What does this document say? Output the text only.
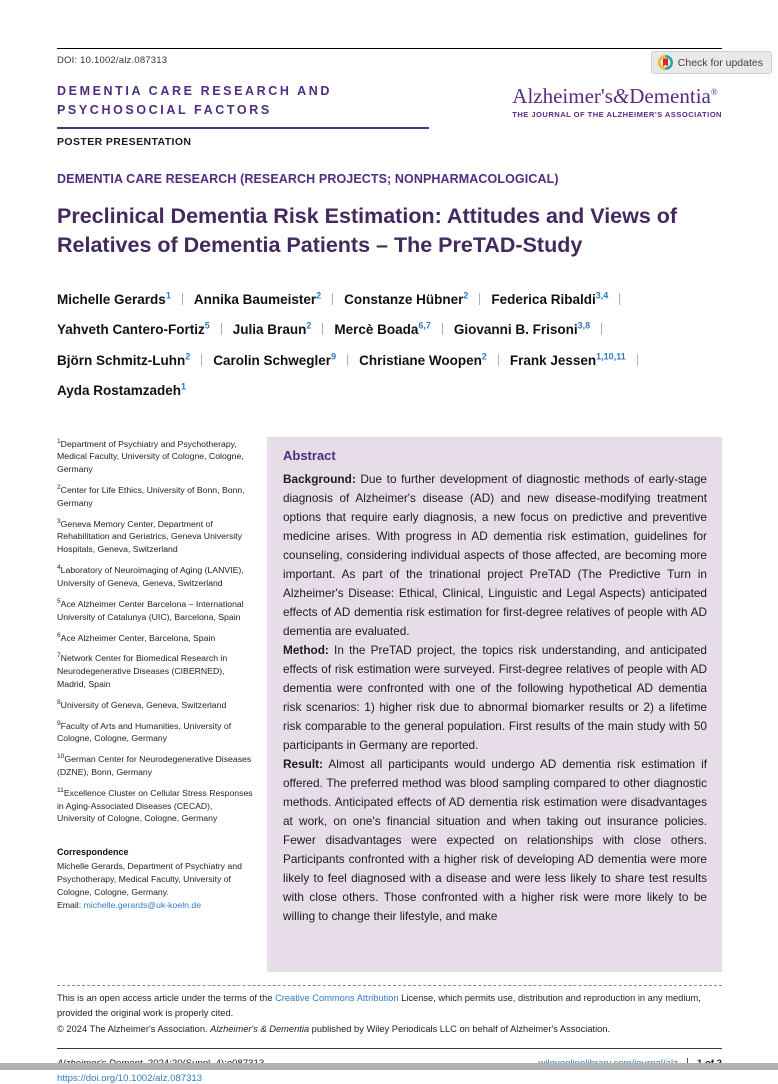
Check for updates
DOI: 10.1002/alz.087313
DEMENTIA CARE RESEARCH AND PSYCHOSOCIAL FACTORS
POSTER PRESENTATION
Alzheimer's&Dementia®
THE JOURNAL OF THE ALZHEIMER'S ASSOCIATION
DEMENTIA CARE RESEARCH (RESEARCH PROJECTS; NONPHARMACOLOGICAL)
Preclinical Dementia Risk Estimation: Attitudes and Views of Relatives of Dementia Patients – The PreTAD-Study
Michelle Gerards$^1$ Annika Baumeister$^2$ Constanze Hübner$^2$ Federica Ribaldi$^{3,4}$Yahveth Cantero-Fortiz$^5$ Julia Braun$^2$ Mercè Boada$^{6,7}$ Giovanni B. Frisoni$^{3,8}$Björn Schmitz-Luhn$^2$ Carolin Schwegler$^9$ Christiane Woopen$^2$ Frank Jessen$^{1,10,11}$Ayda Rostamzadeh$^1$
$^1$Department of Psychiatry and Psychotherapy, Medical Faculty, University of Cologne, Cologne, Germany
$^2$Center for Life Ethics, University of Bonn, Bonn, Germany
$^3$Geneva Memory Center, Department of Rehabilitation and Geriatrics, Geneva University Hospitals, Geneva, Switzerland
$^4$Laboratory of Neuroimaging of Aging (LANVIE), University of Geneva, Geneva, Switzerland
$^5$Ace Alzheimer Center Barcelona – International University of Catalunya (UIC), Barcelona, Spain
$^6$Ace Alzheimer Center, Barcelona, Spain
$^7$Network Center for Biomedical Research in Neurodegenerative Diseases (CIBERNED), Madrid, Spain
$^8$University of Geneva, Geneva, Switzerland
$^9$Faculty of Arts and Humanities, University of Cologne, Cologne, Germany
$^{10}$German Center for Neurodegenerative Diseases (DZNE), Bonn, Germany
$^{11}$Excellence Cluster on Cellular Stress Responses in Aging-Associated Diseases (CECAD), University of Cologne, Cologne, Germany
Correspondence
Michelle Gerards, Department of Psychiatry and Psychotherapy, Medical Faculty, University of Cologne, Cologne, Germany.
Email: michelle.gerards@uk-koeln.de
Abstract
Background: Due to further development of diagnostic methods of early-stage diagnosis of Alzheimer's disease (AD) and new disease-modifying treatment options that require early diagnosis, a new focus on predictive and preventive medicine arises. With progress in AD dementia risk estimation, guidelines for counseling, considering individual aspects of those affected, are becoming more important. As part of the trinational project PreTAD (The Predictive Turn in Alzheimer's Disease: Ethical, Clinical, Linguistic and Legal Aspects) anticipated effects of AD dementia risk estimation for first-degree relatives of people with AD dementia are evaluated.
Method: In the PreTAD project, the topics risk understanding, and anticipated effects of risk estimation were surveyed. First-degree relatives of people with AD dementia were confronted with one of the following hypothetical AD dementia risk scenarios: 1) higher risk due to abnormal biomarker results or 2) a lifetime risk comparable to the general population. First results of the main study with 50 participants in Germany are reported.
Result: Almost all participants would undergo AD dementia risk estimation if offered. The preferred method was blood sampling compared to other diagnostic methods. Anticipated effects of AD dementia risk estimation were disadvantages at work, on one's financial situation and when taking out insurance policies. Fewer disadvantages were expected on relationships with close others. Participants confronted with a higher risk of developing AD dementia were more likely to feel diagnosed with a disease and were less likely to share test results with close others. Those confronted with a higher risk were more likely to be willing to change their lifestyle, and make
This is an open access article under the terms of the Creative Commons Attribution License, which permits use, distribution and reproduction in any medium, provided the original work is properly cited.
© 2024 The Alzheimer's Association. Alzheimer's & Dementia published by Wiley Periodicals LLC on behalf of Alzheimer's Association.
https://doi.org/10.1002/alz.087313
